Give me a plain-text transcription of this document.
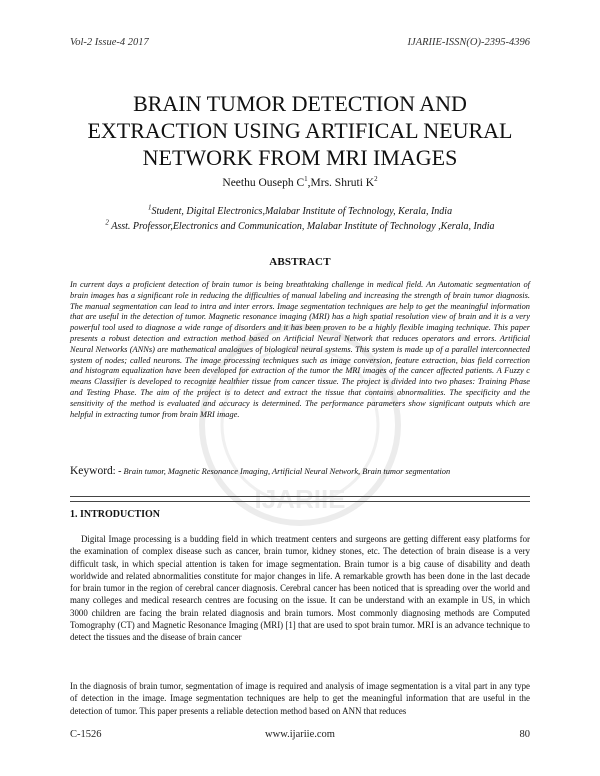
IJARIIE
Vol-2 Issue-4 2017	IJARIIE-ISSN(O)-2395-4396
BRAIN TUMOR DETECTION AND
EXTRACTION USING ARTIFICAL NEURAL
NETWORK FROM MRI IMAGES
Neethu Ouseph $C^1,Mrs$. Shruti $K^2$
$^1$Student, Digital Electronics,Malabar Institute of Technology, Kerala, India
$^2$ Asst. Professor,Electronics and Communication, Malabar Institute of Technology ,Kerala, India
ABSTRACT
In current days a proficient detection of brain tumor is being breathtaking challenge in medical field. An Automatic segmentation of brain images has a significant role in reducing the difficulties of manual labeling and increasing the strength of brain tumor diagnosis. The manual segmentation can lead to intra and inter errors. Image segmentation techniques are help to get the meaningful information that are useful in the detection of tumor. Magnetic resonance imaging (MRI) has a high spatial resolution view of brain and it is a very powerful tool used to diagnose a wide range of disorders and it has been proven to be a highly flexible imaging technique. This paper presents a robust detection and extraction method based on Artificial Neural Network that reduces operators and errors. Artificial Neural Networks (ANNs) are mathematical analogues of biological neural systems. This system is made up of a parallel interconnected system of nodes; called neurons. The image processing techniques such as image conversion, feature extraction, bias field correction and histogram equalization have been developed for extraction of the tumor the MRI images of the cancer affected patients. A Fuzzy c means Classifier is developed to recognize healthier tissue from cancer tissue. The project is divided into two phases: Training Phase and Testing Phase. The aim of the project is to detect and extract the tissue that contains abnormalities. The specificity and the sensitivity of the method is evaluated and accuracy is determined. The performance parameters show significant outputs which are helpful in extracting tumor from brain MRI image.
Keyword: - Brain tumor, Magnetic Resonance Imaging, Artificial Neural Network, Brain tumor segmentation
1. INTRODUCTION

Digital Image processing is a budding field in which treatment centers and surgeons are getting different easy platforms for the examination of complex disease such as cancer, brain tumor, kidney stones, etc. The detection of brain disease is a very difficult task, in which special attention is taken for image segmentation. Brain tumor is a big cause of disability and death worldwide and related abnormalities constitute for major changes in life. A remarkable growth has been done in the last decade for brain tumor in the region of cerebral cancer diagnosis. Cerebral cancer has been noticed that is spreading over the world and many colleges and medical research centres are focusing on the issue. It can be understand with an example in US, in which 3000 children are facing the brain related diagnosis and brain tumors. Most commonly diagnosing methods are Computed Tomography (CT) and Magnetic Resonance Imaging (MRI) [1] that are used to spot brain tumor. MRI is an advance technique to detect the tissues and the disease of brain cancer

In the diagnosis of brain tumor, segmentation of image is required and analysis of image segmentation is a vital part in any type of detection in the image. Image segmentation techniques are help to get the meaningful information that are useful in the detection of tumor. This paper presents a reliable detection method based on ANN that reduces

C-1526	www.ijariie.com	80
